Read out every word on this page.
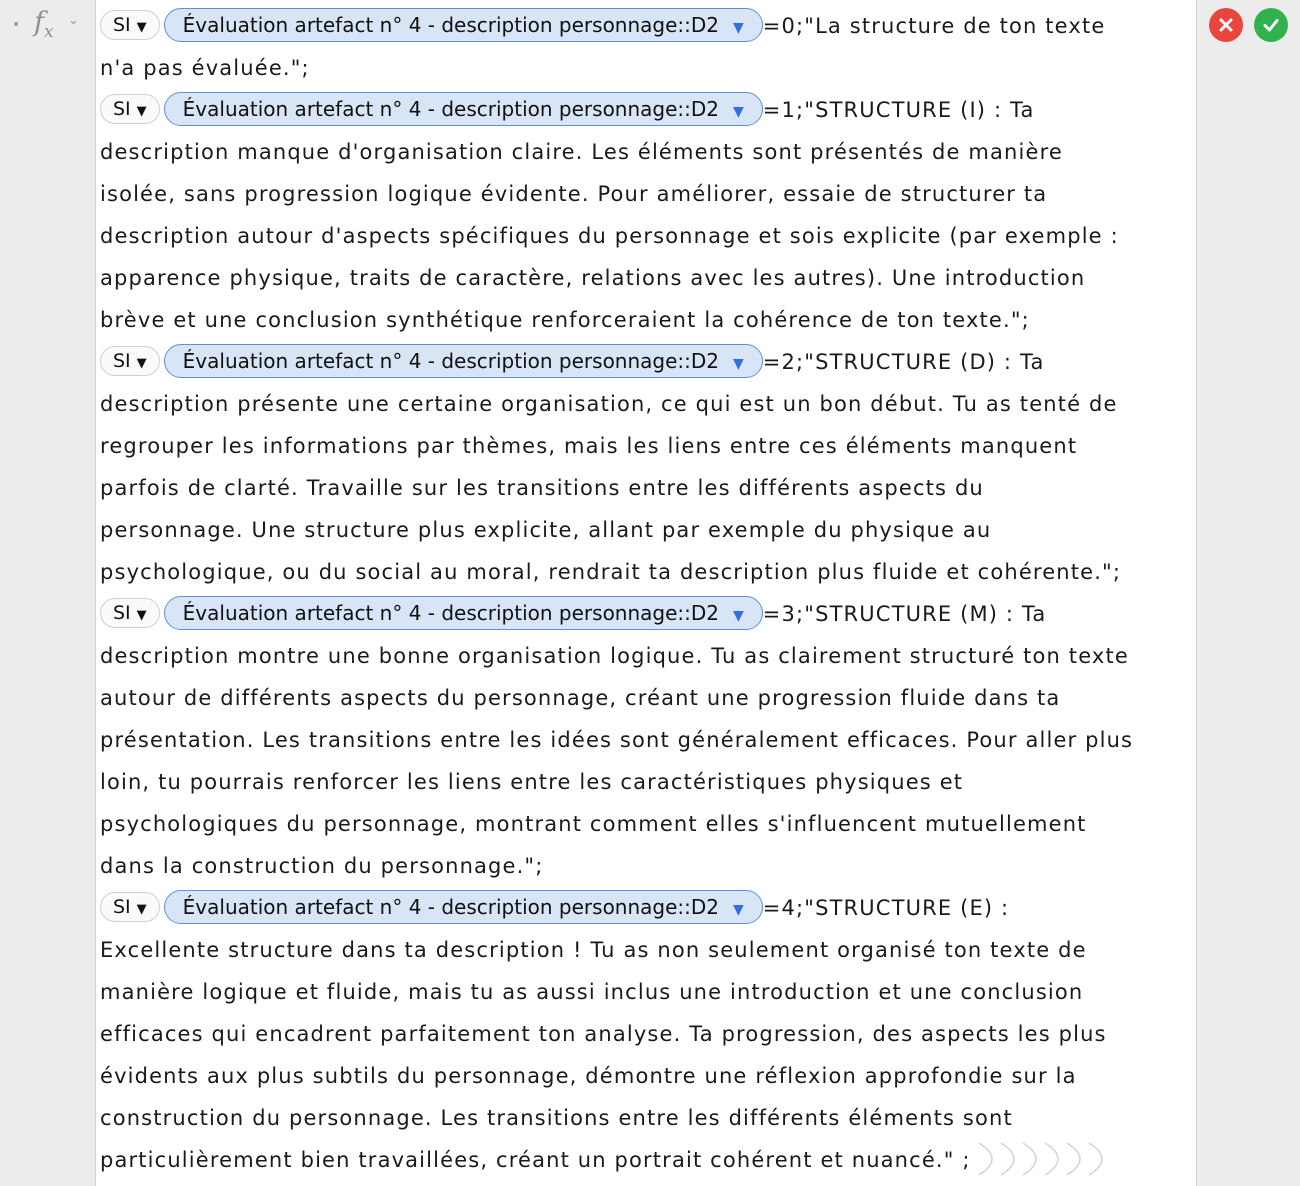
• $f_x$
⌄	SI ▼ Évaluation artefact n° 4 - description personnage::D2 ▼ =0;"La structure de ton texte
n'a pas évaluée.";
SI ▼ Évaluation artefact n° 4 - description personnage::D2 ▼ =1;"STRUCTURE (I) : Ta
description manque d'organisation claire. Les éléments sont présentés de manière
isolée, sans progression logique évidente. Pour améliorer, essaie de structurer ta
description autour d'aspects spécifiques du personnage et sois explicite (par exemple :
apparence physique, traits de caractère, relations avec les autres). Une introduction
brève et une conclusion synthétique renforceraient la cohérence de ton texte.";
SI ▼ Évaluation artefact n° 4 - description personnage::D2 ▼ =2;"STRUCTURE (D) : Ta
description présente une certaine organisation, ce qui est un bon début. Tu as tenté de
regrouper les informations par thèmes, mais les liens entre ces éléments manquent
parfois de clarté. Travaille sur les transitions entre les différents aspects du
personnage. Une structure plus explicite, allant par exemple du physique au
psychologique, ou du social au moral, rendrait ta description plus fluide et cohérente.";
SI ▼ Évaluation artefact n° 4 - description personnage::D2 ▼ =3;"STRUCTURE (M) : Ta
description montre une bonne organisation logique. Tu as clairement structuré ton texte
autour de différents aspects du personnage, créant une progression fluide dans ta
présentation. Les transitions entre les idées sont généralement efficaces. Pour aller plus
loin, tu pourrais renforcer les liens entre les caractéristiques physiques et
psychologiques du personnage, montrant comment elles s'influencent mutuellement
dans la construction du personnage.";
SI ▼ Évaluation artefact n° 4 - description personnage::D2 ▼ =4;"STRUCTURE (E) :
Excellente structure dans ta description ! Tu as non seulement organisé ton texte de
manière logique et fluide, mais tu as aussi inclus une introduction et une conclusion
efficaces qui encadrent parfaitement ton analyse. Ta progression, des aspects les plus
évidents aux plus subtils du personnage, démontre une réflexion approfondie sur la
construction du personnage. Les transitions entre les différents éléments sont
particulièrement bien travaillées, créant un portrait cohérent et nuancé." ;
